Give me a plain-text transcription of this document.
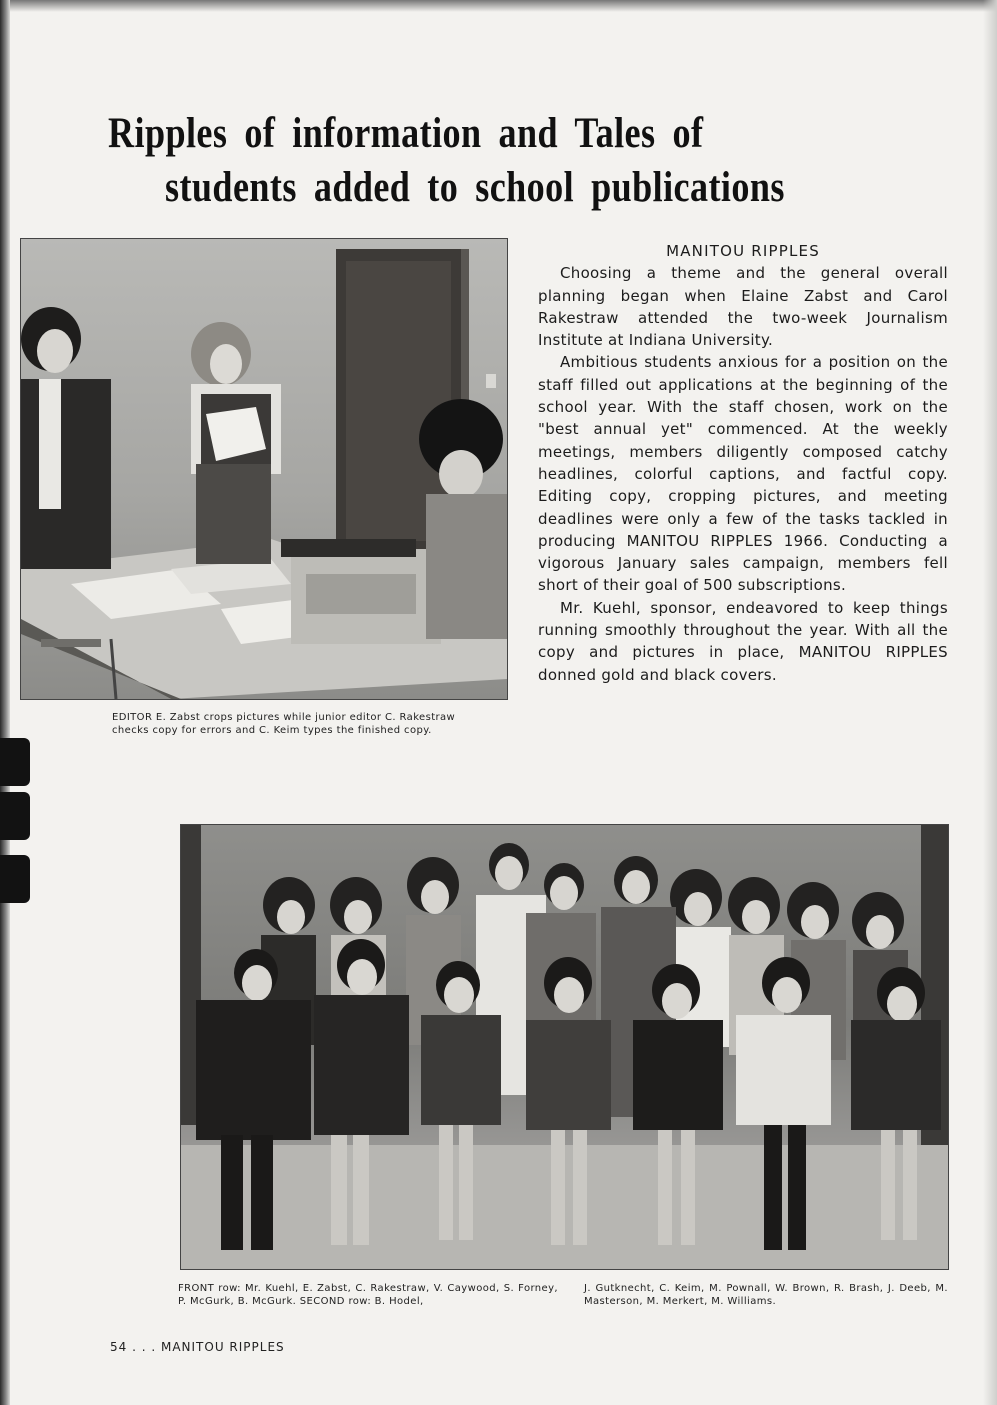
Ripples of information and Tales of
students added to school publications
EDITOR E. Zabst crops pictures while junior editor C. Rakestraw checks copy for errors and C. Keim types the finished copy.
MANITOU RIPPLES

Choosing a theme and the general overall planning began when Elaine Zabst and Carol Rakestraw attended the two-week Journalism Institute at Indiana University.

Ambitious students anxious for a position on the staff filled out applications at the beginning of the school year. With the staff chosen, work on the "best annual yet" commenced. At the weekly meetings, members diligently composed catchy headlines, colorful captions, and factful copy. Editing copy, cropping pictures, and meeting deadlines were only a few of the tasks tackled in producing MANITOU RIPPLES 1966. Conducting a vigorous January sales campaign, members fell short of their goal of 500 subscriptions.

Mr. Kuehl, sponsor, endeavored to keep things running smoothly throughout the year. With all the copy and pictures in place, MANITOU RIPPLES donned gold and black covers.

FRONT row: Mr. Kuehl, E. Zabst, C. Rakestraw, V. Caywood, S. Forney, P. McGurk, B. McGurk. SECOND row: B. Hodel,
J. Gutknecht, C. Keim, M. Pownall, W. Brown, R. Brash, J. Deeb, M. Masterson, M. Merkert, M. Williams.
54 . . . MANITOU RIPPLES
